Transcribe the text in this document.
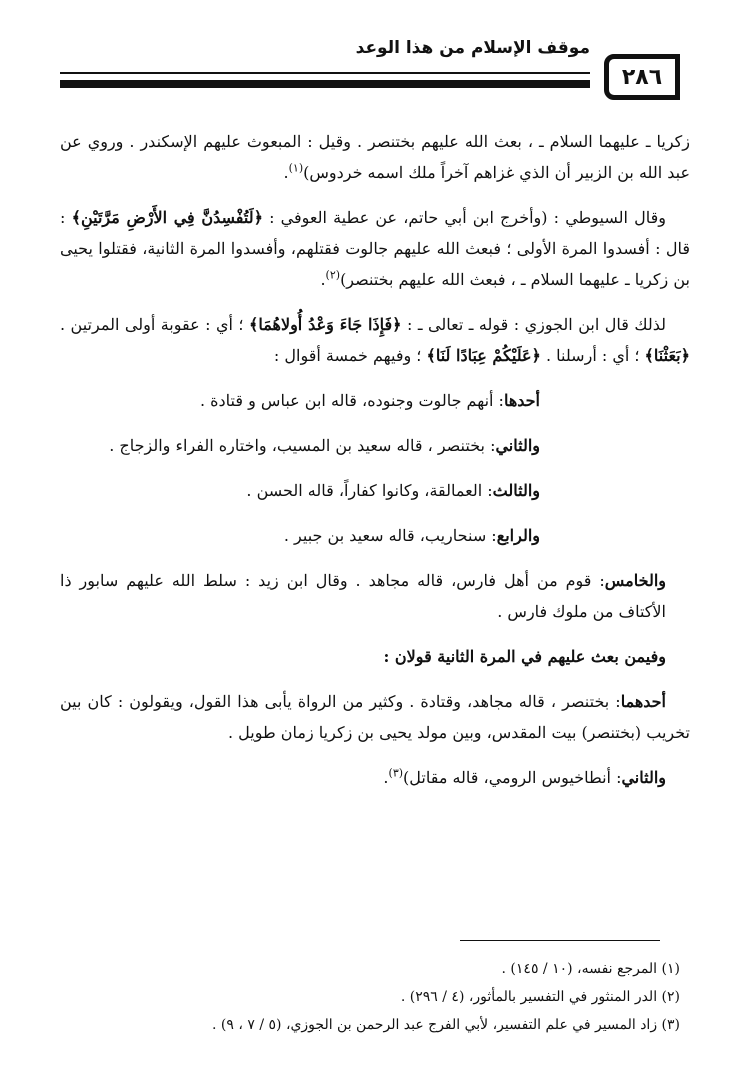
موقف الإسلام من هذا الوعد
٢٨٦

زكريا ـ عليهما السلام ـ ، بعث الله عليهم بختنصر . وقيل : المبعوث عليهم الإسكندر . وروي عن عبد الله بن الزبير أن الذي غزاهم آخراً ملك اسمه خردوس)$^{(١)}$.

وقال السيوطي : (وأخرج ابن أبي حاتم، عن عطية العوفي : ﴿لَتُفْسِدُنَّ فِي الأَرْضِ مَرَّتَيْنِ﴾ : قال : أفسدوا المرة الأولى ؛ فبعث الله عليهم جالوت فقتلهم، وأفسدوا المرة الثانية، فقتلوا يحيى بن زكريا ـ عليهما السلام ـ ، فبعث الله عليهم بختنصر)$^{(٢)}$.

لذلك قال ابن الجوزي : قوله ـ تعالى ـ : ﴿فَإِذَا جَاءَ وَعْدُ أُولاهُمَا﴾ ؛ أي : عقوبة أولى المرتين . ﴿بَعَثْنَا﴾ ؛ أي : أرسلنا . ﴿عَلَيْكُمْ عِبَادًا لَنَا﴾ ؛ وفيهم خمسة أقوال :

أحدها: أنهم جالوت وجنوده، قاله ابن عباس و قتادة .

والثاني: بختنصر ، قاله سعيد بن المسيب، واختاره الفراء والزجاج .

والثالث: العمالقة، وكانوا كفاراً، قاله الحسن .

والرابع: سنحاريب، قاله سعيد بن جبير .

والخامس: قوم من أهل فارس، قاله مجاهد . وقال ابن زيد : سلط الله عليهم سابور ذا الأكتاف من ملوك فارس .

وفيمن بعث عليهم في المرة الثانية قولان :

أحدهما: بختنصر ، قاله مجاهد، وقتادة . وكثير من الرواة يأبى هذا القول، ويقولون : كان بين تخريب (بختنصر) بيت المقدس، وبين مولد يحيى بن زكريا زمان طويل .

والثاني: أنطاخيوس الرومي، قاله مقاتل)$^{(٣)}$.

(١) المرجع نفسه، (١٠ / ١٤٥) .

(٢) الدر المنثور في التفسير بالمأثور، (٤ / ٢٩٦) .

(٣) زاد المسير في علم التفسير، لأبي الفرج عبد الرحمن بن الجوزي، (٥ / ٧ ، ٩) .
